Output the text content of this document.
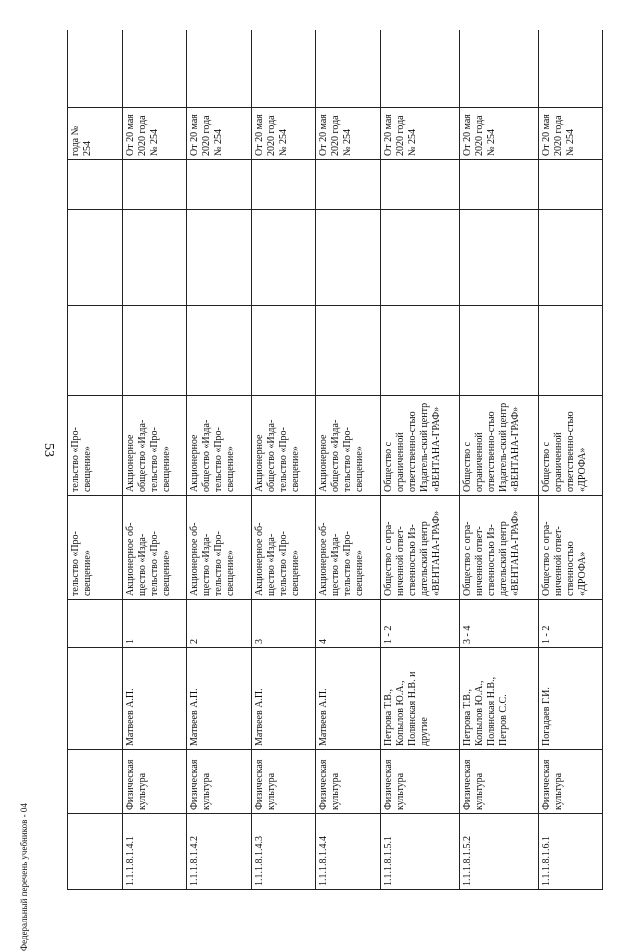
53
Федеральный перечень учебников - 04
				тельство «Про-свещение»	тельство «Про-свещение»				года № 254	
1.1.1.8.1.4.1	Физическая культура	Матвеев А.П.	1	Акционерное об-щество «Изда-тельство «Про-свещение»	Акционерное общество «Изда-тельство «Про-свещение»				От 20 мая 2020 года № 254	
1.1.1.8.1.4.2	Физическая культура	Матвеев А.П.	2	Акционерное об-щество «Изда-тельство «Про-свещение»	Акционерное общество «Изда-тельство «Про-свещение»				От 20 мая 2020 года № 254	
1.1.1.8.1.4.3	Физическая культура	Матвеев А.П.	3	Акционерное об-щество «Изда-тельство «Про-свещение»	Акционерное общество «Изда-тельство «Про-свещение»				От 20 мая 2020 года № 254	
1.1.1.8.1.4.4	Физическая культура	Матвеев А.П.	4	Акционерное об-щество «Изда-тельство «Про-свещение»	Акционерное общество «Изда-тельство «Про-свещение»				От 20 мая 2020 года № 254	
1.1.1.8.1.5.1	Физическая культура	Петрова Т.В., Копылов Ю.А., Полянская Н.В. и другие	1 - 2	Общество с огра-ниченной ответ-ственностью Из-дательский центр «ВЕНТАНА-ГРАФ»	Общество с ограниченной ответственно-стью Издатель-ский центр «ВЕНТАНА-ГРАФ»				От 20 мая 2020 года № 254	
1.1.1.8.1.5.2	Физическая культура	Петрова Т.В., Копылов Ю.А., Полянская Н.В., Петров С.С.	3 - 4	Общество с огра-ниченной ответ-ственностью Из-дательский центр «ВЕНТАНА-ГРАФ»	Общество с ограниченной ответственно-стью Издатель-ский центр «ВЕНТАНА-ГРАФ»				От 20 мая 2020 года № 254	
1.1.1.8.1.6.1	Физическая культура	Погадаев Г.И.	1 - 2	Общество с огра-ниченной ответ-ственностью «ДРОФА»	Общество с ограниченной ответственно-стью «ДРОФА»				От 20 мая 2020 года № 254	
